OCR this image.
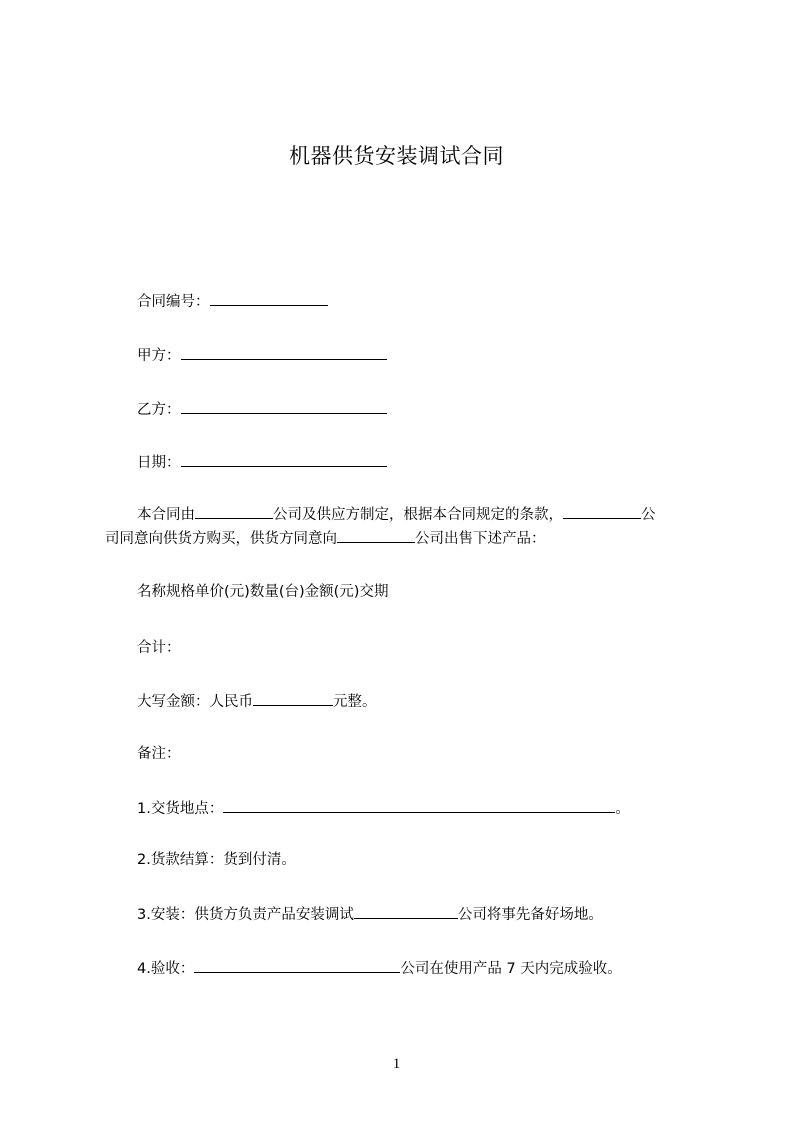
机器供货安装调试合同
合同编号：
甲方：
乙方：
日期：
本合同由	公司及供应方制定，根据本合同规定的条款，	公
司同意向供货方购买，供货方同意向	公司出售下述产品：
名称规格单价(元)数量(台)金额(元)交期
合计：
大写金额：人民币	元整。
备注：
1.交货地点：	。
2.货款结算：货到付清。
3.安装：供货方负责产品安装调试	公司将事先备好场地。
4.验收：	公司在使用产品 7 天内完成验收。
1
